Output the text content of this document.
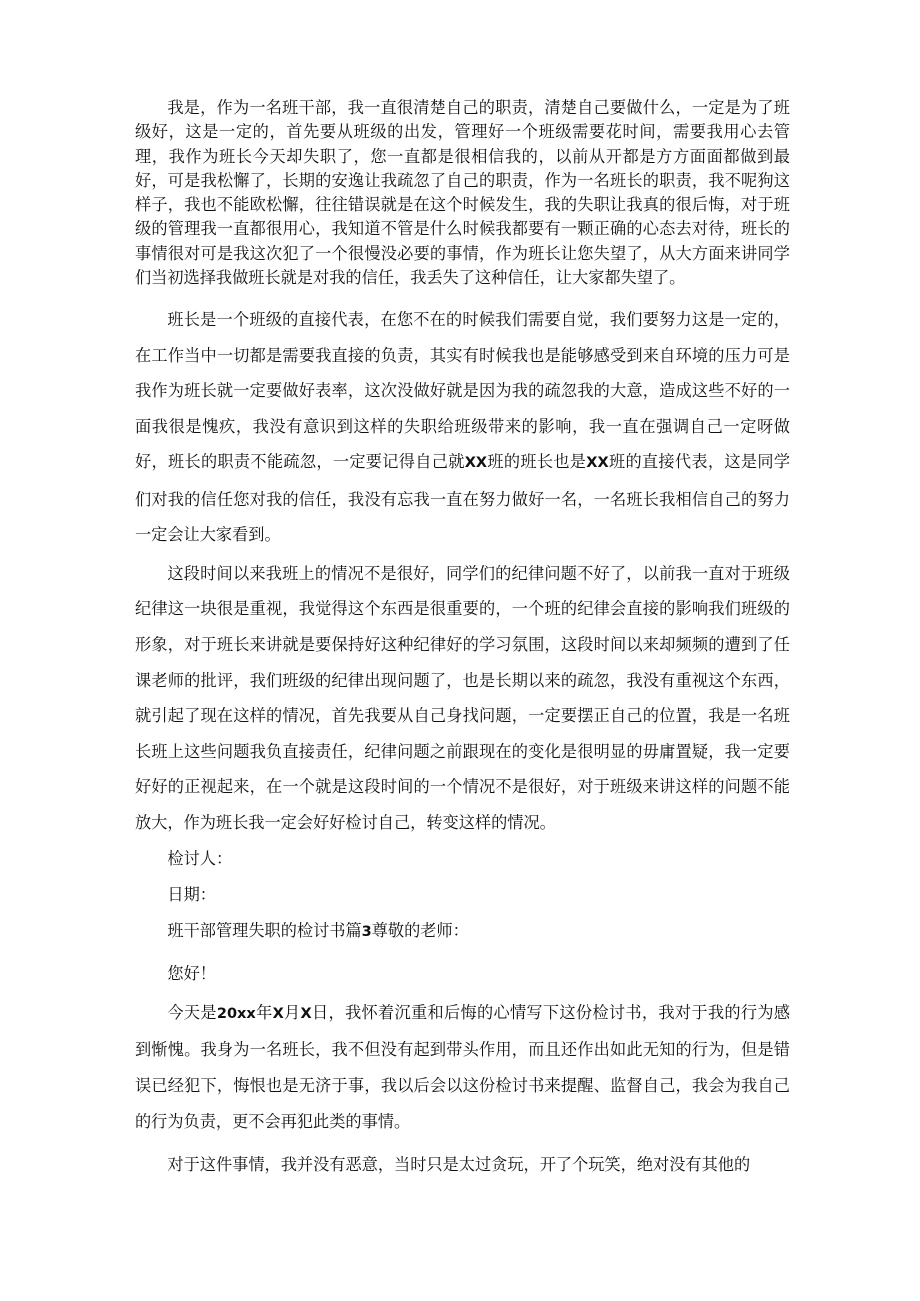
我是，作为一名班干部，我一直很清楚自己的职责，清楚自己要做什么，一定是为了班级好，这是一定的，首先要从班级的出发，管理好一个班级需要花时间，需要我用心去管理，我作为班长今天却失职了，您一直都是很相信我的，以前从开都是方方面面都做到最好，可是我松懈了，长期的安逸让我疏忽了自己的职责，作为一名班长的职责，我不呢狗这样子，我也不能欧松懈，往往错误就是在这个时候发生，我的失职让我真的很后悔，对于班级的管理我一直都很用心，我知道不管是什么时候我都要有一颗正确的心态去对待，班长的事情很对可是我这次犯了一个很慢没必要的事情，作为班长让您失望了，从大方面来讲同学们当初选择我做班长就是对我的信任，我丢失了这种信任，让大家都失望了。

班长是一个班级的直接代表，在您不在的时候我们需要自觉，我们要努力这是一定的，在工作当中一切都是需要我直接的负责，其实有时候我也是能够感受到来自环境的压力可是我作为班长就一定要做好表率，这次没做好就是因为我的疏忽我的大意，造成这些不好的一面我很是愧疚，我没有意识到这样的失职给班级带来的影响，我一直在强调自己一定呀做好，班长的职责不能疏忽，一定要记得自己就XX班的班长也是XX班的直接代表，这是同学们对我的信任您对我的信任，我没有忘我一直在努力做好一名，一名班长我相信自己的努力一定会让大家看到。

这段时间以来我班上的情况不是很好，同学们的纪律问题不好了，以前我一直对于班级纪律这一块很是重视，我觉得这个东西是很重要的，一个班的纪律会直接的影响我们班级的形象，对于班长来讲就是要保持好这种纪律好的学习氛围，这段时间以来却频频的遭到了任课老师的批评，我们班级的纪律出现问题了，也是长期以来的疏忽，我没有重视这个东西，就引起了现在这样的情况，首先我要从自己身找问题，一定要摆正自己的位置，我是一名班长班上这些问题我负直接责任，纪律问题之前跟现在的变化是很明显的毋庸置疑，我一定要好好的正视起来，在一个就是这段时间的一个情况不是很好，对于班级来讲这样的问题不能放大，作为班长我一定会好好检讨自己，转变这样的情况。

检讨人：

日期：

班干部管理失职的检讨书篇3尊敬的老师：

您好！

今天是20xx年X月X日，我怀着沉重和后悔的心情写下这份检讨书，我对于我的行为感到惭愧。我身为一名班长，我不但没有起到带头作用，而且还作出如此无知的行为，但是错误已经犯下，悔恨也是无济于事，我以后会以这份检讨书来提醒、监督自己，我会为我自己的行为负责，更不会再犯此类的事情。

对于这件事情，我并没有恶意，当时只是太过贪玩，开了个玩笑，绝对没有其他的
